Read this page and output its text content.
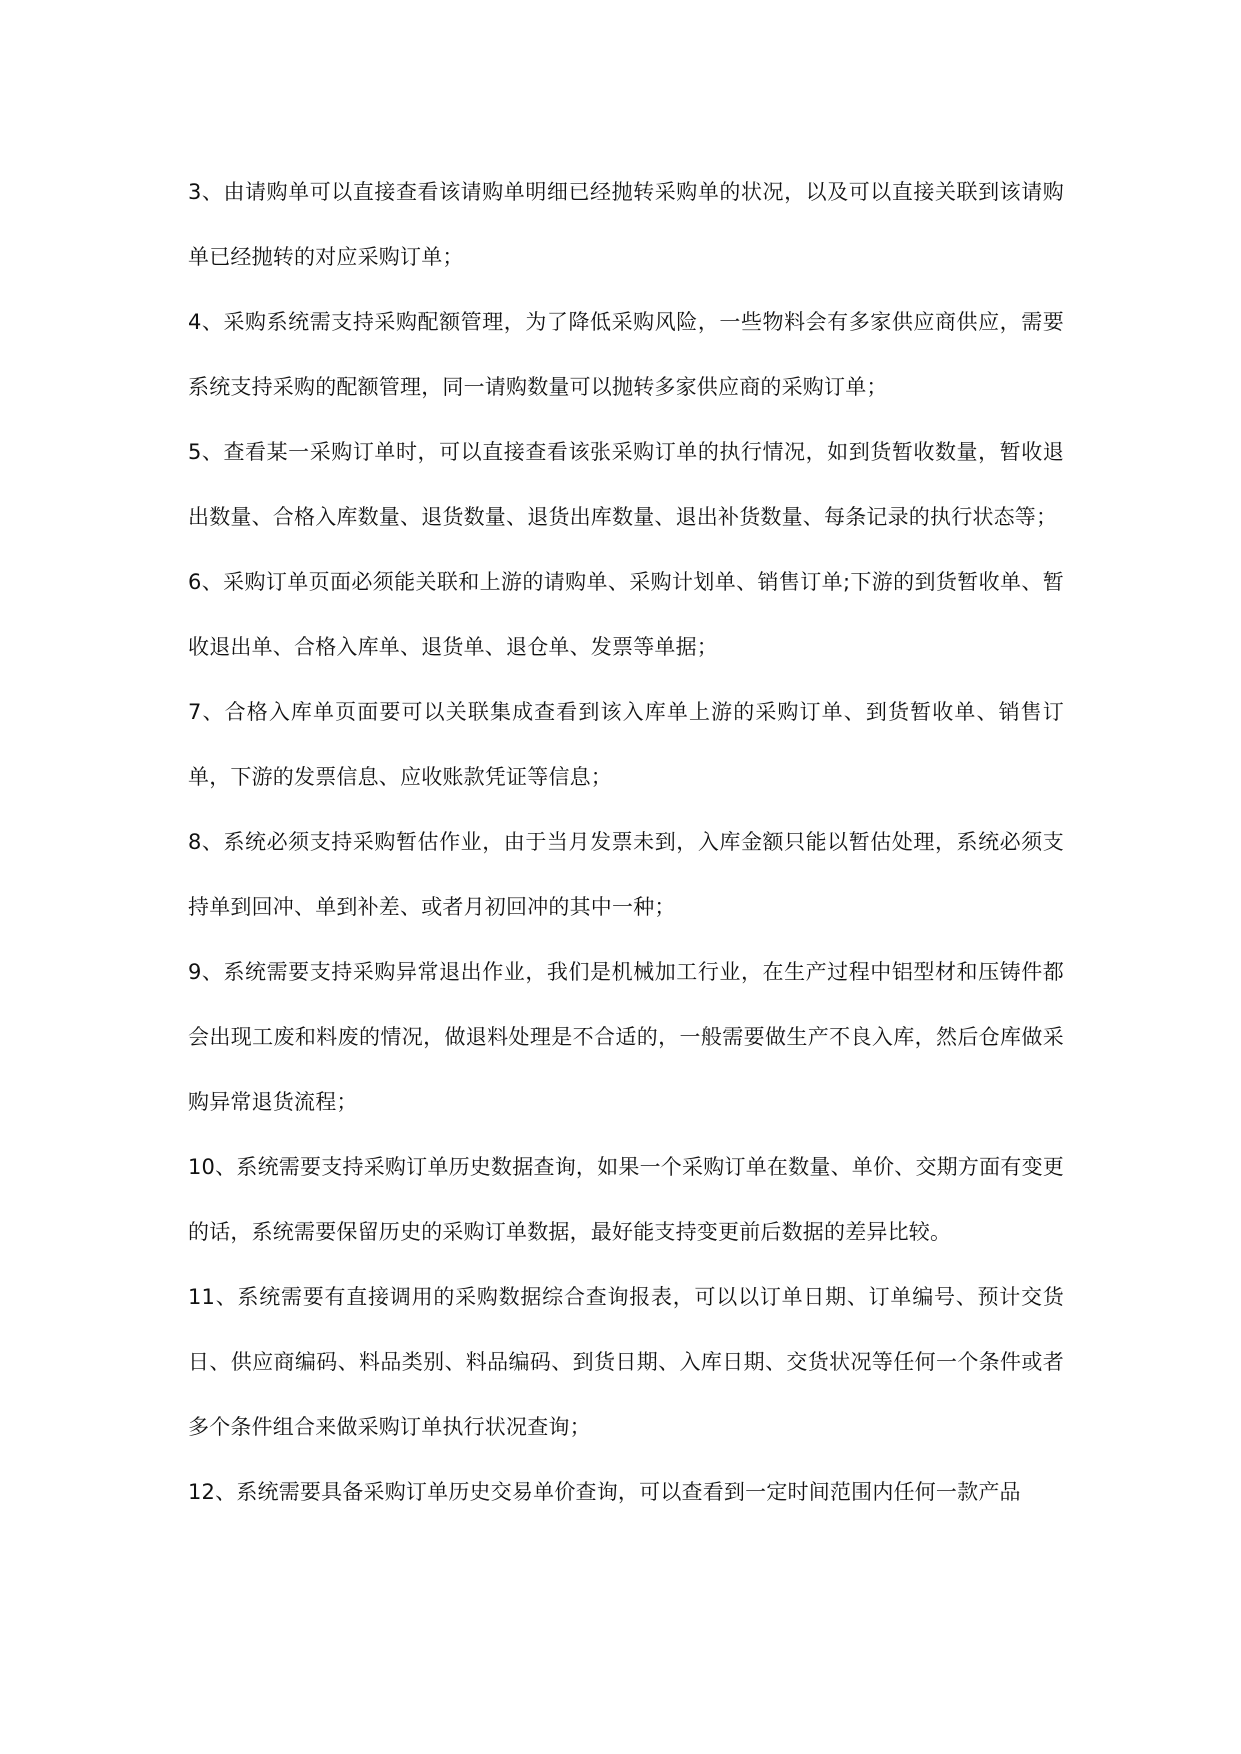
3、由请购单可以直接查看该请购单明细已经抛转采购单的状况，以及可以直接关联到该请购单已经抛转的对应采购订单；

4、采购系统需支持采购配额管理，为了降低采购风险，一些物料会有多家供应商供应，需要系统支持采购的配额管理，同一请购数量可以抛转多家供应商的采购订单；

5、查看某一采购订单时，可以直接查看该张采购订单的执行情况，如到货暂收数量，暂收退出数量、合格入库数量、退货数量、退货出库数量、退出补货数量、每条记录的执行状态等；

6、采购订单页面必须能关联和上游的请购单、采购计划单、销售订单;下游的到货暂收单、暂收退出单、合格入库单、退货单、退仓单、发票等单据；

7、合格入库单页面要可以关联集成查看到该入库单上游的采购订单、到货暂收单、销售订单，下游的发票信息、应收账款凭证等信息；

8、系统必须支持采购暂估作业，由于当月发票未到，入库金额只能以暂估处理，系统必须支持单到回冲、单到补差、或者月初回冲的其中一种；

9、系统需要支持采购异常退出作业，我们是机械加工行业，在生产过程中铝型材和压铸件都会出现工废和料废的情况，做退料处理是不合适的，一般需要做生产不良入库，然后仓库做采购异常退货流程；

10、系统需要支持采购订单历史数据查询，如果一个采购订单在数量、单价、交期方面有变更的话，系统需要保留历史的采购订单数据，最好能支持变更前后数据的差异比较。

11、系统需要有直接调用的采购数据综合查询报表，可以以订单日期、订单编号、预计交货日、供应商编码、料品类别、料品编码、到货日期、入库日期、交货状况等任何一个条件或者多个条件组合来做采购订单执行状况查询；

12、系统需要具备采购订单历史交易单价查询，可以查看到一定时间范围内任何一款产品
